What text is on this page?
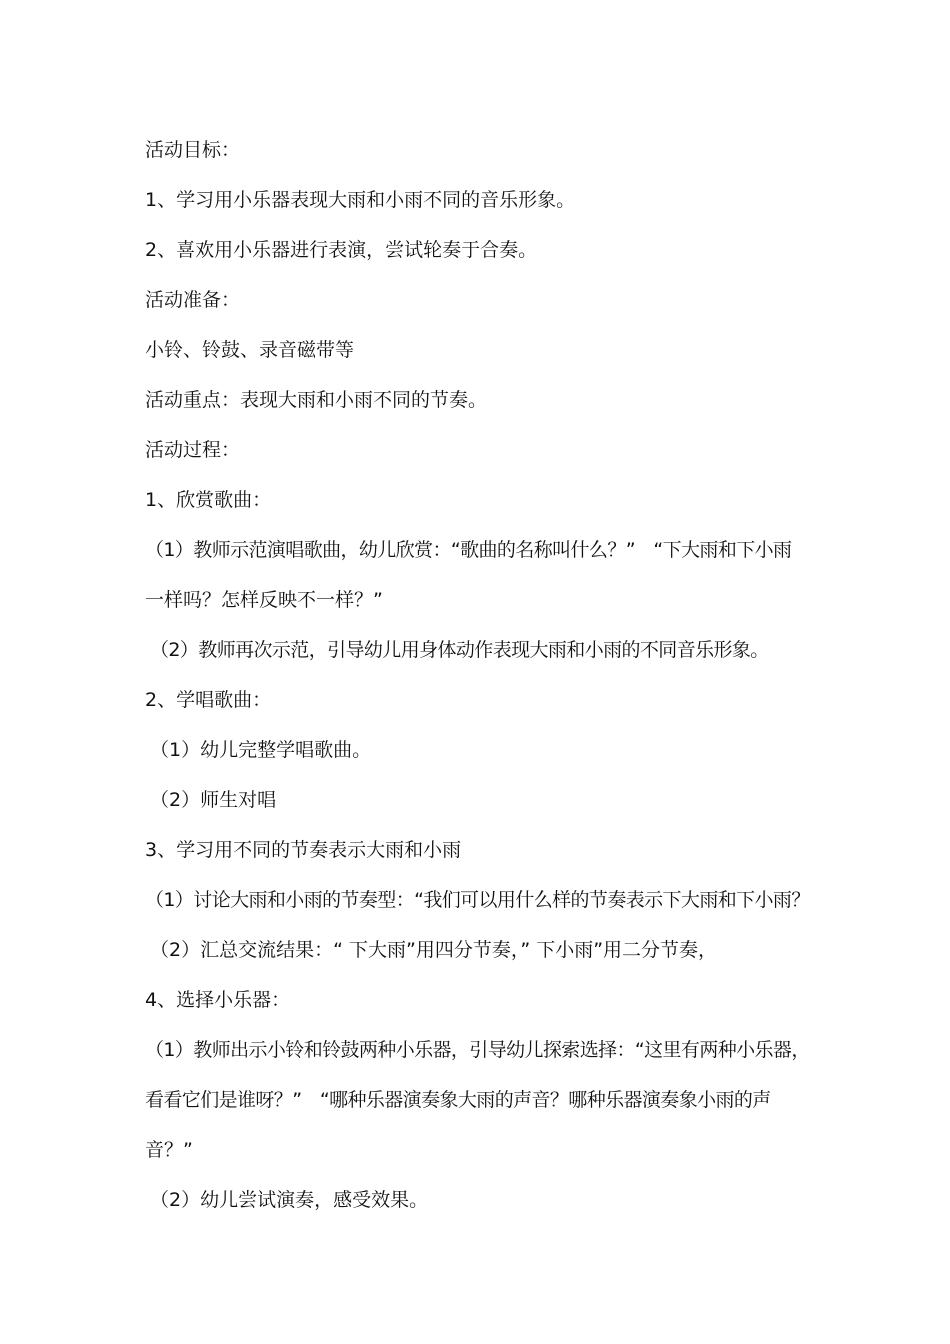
活动目标：
1、学习用小乐器表现大雨和小雨不同的音乐形象。
2、喜欢用小乐器进行表演，尝试轮奏于合奏。
活动准备：
小铃、铃鼓、录音磁带等
活动重点：表现大雨和小雨不同的节奏。
活动过程：
1、欣赏歌曲：
（1）教师示范演唱歌曲，幼儿欣赏：“歌曲的名称叫什么？”　“下大雨和下小雨
一样吗？怎样反映不一样？”
（2）教师再次示范，引导幼儿用身体动作表现大雨和小雨的不同音乐形象。
2、学唱歌曲：
（1）幼儿完整学唱歌曲。
（2）师生对唱
3、学习用不同的节奏表示大雨和小雨
（1）讨论大雨和小雨的节奏型：“我们可以用什么样的节奏表示下大雨和下小雨？
（2）汇总交流结果：“ 下大雨”用四分节奏，” 下小雨”用二分节奏，
4、选择小乐器：
（1）教师出示小铃和铃鼓两种小乐器，引导幼儿探索选择：“这里有两种小乐器，
看看它们是谁呀？”　“哪种乐器演奏象大雨的声音？哪种乐器演奏象小雨的声
音？”
（2）幼儿尝试演奏，感受效果。
